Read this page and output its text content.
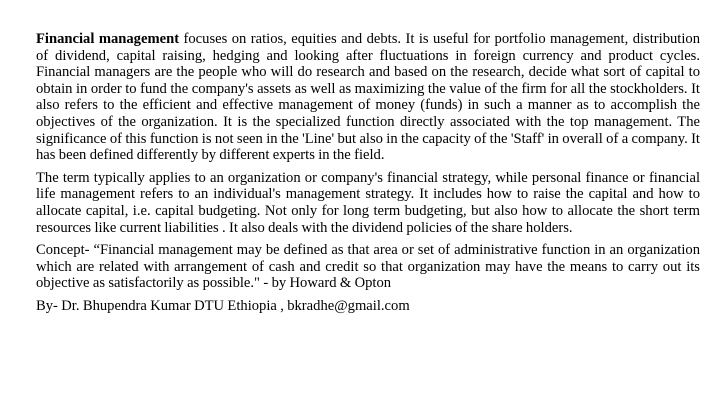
Financial management focuses on ratios, equities and debts. It is useful for portfolio management, distribution of dividend, capital raising, hedging and looking after fluctuations in foreign currency and product cycles. Financial managers are the people who will do research and based on the research, decide what sort of capital to obtain in order to fund the company's assets as well as maximizing the value of the firm for all the stockholders. It also refers to the efficient and effective management of money (funds) in such a manner as to accomplish the objectives of the organization. It is the specialized function directly associated with the top management. The significance of this function is not seen in the 'Line' but also in the capacity of the 'Staff' in overall of a company. It has been defined differently by different experts in the field.

The term typically applies to an organization or company's financial strategy, while personal finance or financial life management refers to an individual's management strategy. It includes how to raise the capital and how to allocate capital, i.e. capital budgeting. Not only for long term budgeting, but also how to allocate the short term resources like current liabilities . It also deals with the dividend policies of the share holders.

Concept- “Financial management may be defined as that area or set of administrative function in an organization which are related with arrangement of cash and credit so that organization may have the means to carry out its objective as satisfactorily as possible." - by Howard & Opton

By- Dr. Bhupendra Kumar DTU Ethiopia , bkradhe@gmail.com
